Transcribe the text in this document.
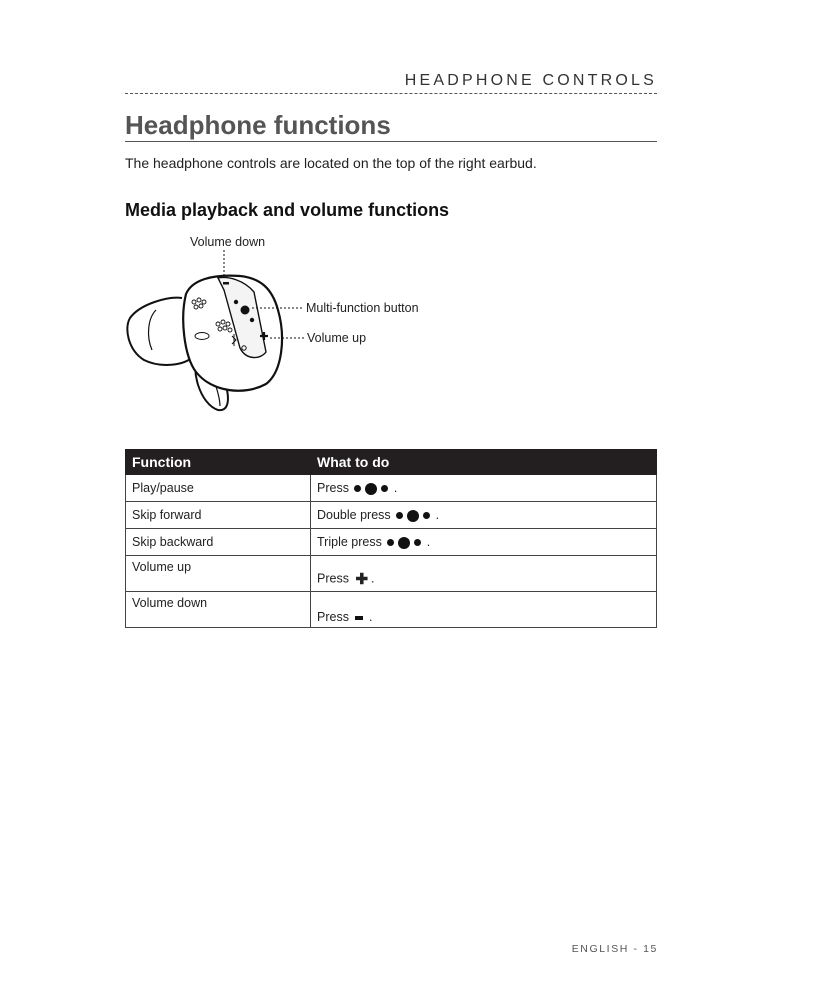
HEADPHONE CONTROLS
Headphone functions
The headphone controls are located on the top of the right earbud.
Media playback and volume functions
Volume down
Multi-function button
Volume up
Function	What to do
Play/pause	Press .
Skip forward	Double press .
Skip backward	Triple press .
Volume up	Press ✚ .
Volume down	Press .
ENGLISH - 15
